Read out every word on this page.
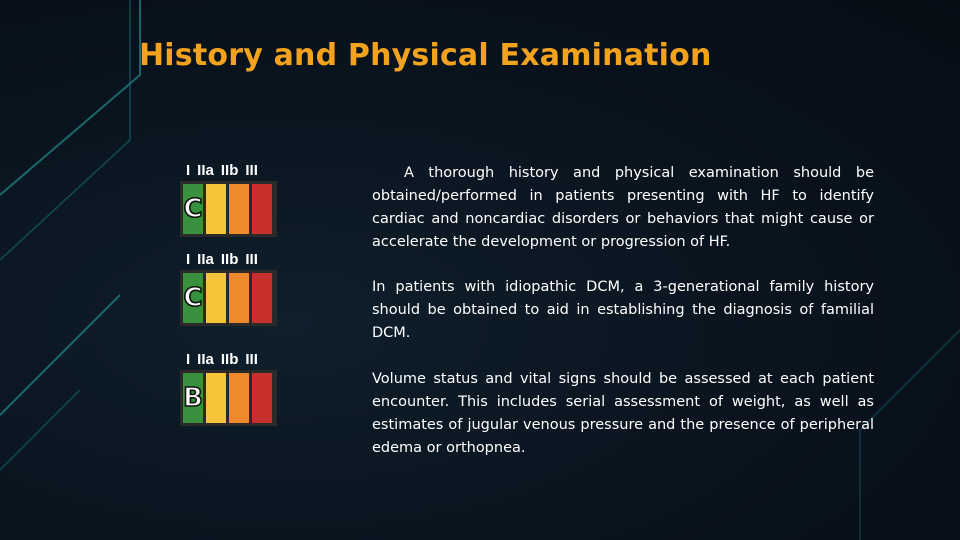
History and Physical Examination
I IIa IIb III
C
I IIa IIb III
C
I IIa IIb III
B

A thorough history and physical examination should be obtained/performed in patients presenting with HF to identify cardiac and noncardiac disorders or behaviors that might cause or accelerate the development or progression of HF.

In patients with idiopathic DCM, a 3-generational family history should be obtained to aid in establishing the diagnosis of familial DCM.

Volume status and vital signs should be assessed at each patient encounter. This includes serial assessment of weight, as well as estimates of jugular venous pressure and the presence of peripheral edema or orthopnea.
